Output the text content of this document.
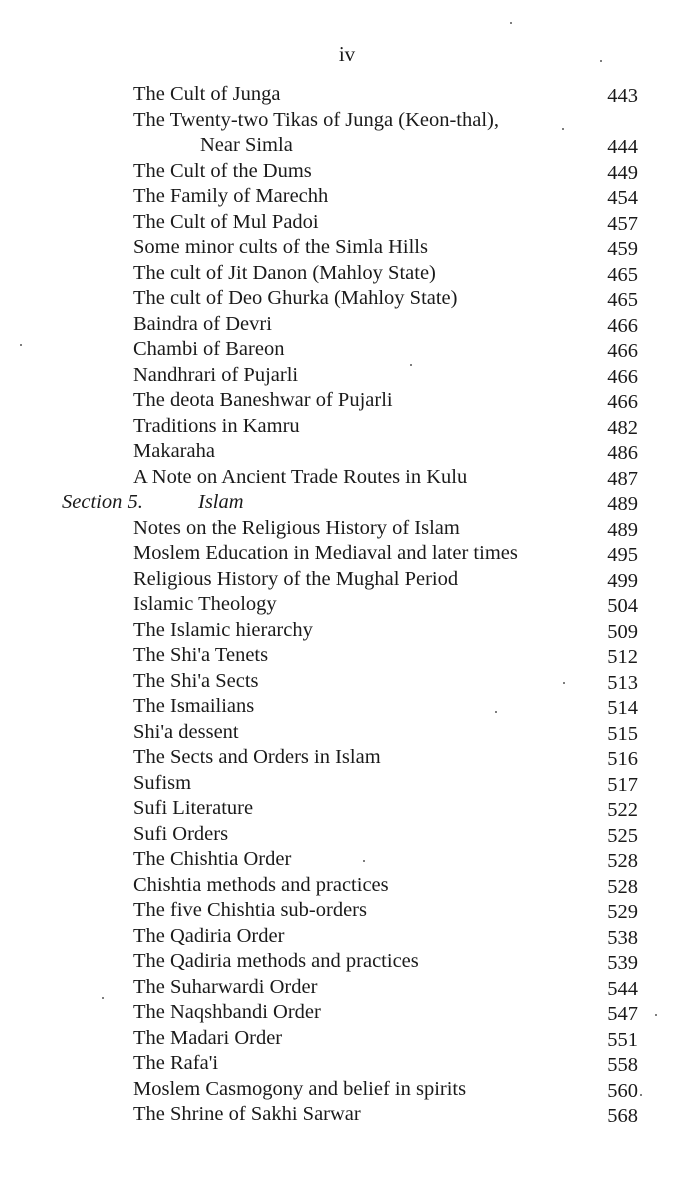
iv
The Cult of Junga	443
The Twenty-two Tikas of Junga (Keon-thal),
Near Simla	444
The Cult of the Dums	449
The Family of Marechh	454
The Cult of Mul Padoi	457
Some minor cults of the Simla Hills	459
The cult of Jit Danon (Mahloy State)	465
The cult of Deo Ghurka (Mahloy State)	465
Baindra of Devri	466
Chambi of Bareon	466
Nandhrari of Pujarli	466
The deota Baneshwar of Pujarli	466
Traditions in Kamru	482
Makaraha	486
A Note on Ancient Trade Routes in Kulu	487
Section 5.	Islam	489
Notes on the Religious History of Islam	489
Moslem Education in Mediaval and later times	495
Religious History of the Mughal Period	499
Islamic Theology	504
The Islamic hierarchy	509
The Shi'a Tenets	512
The Shi'a Sects	513
The Ismailians	514
Shi'a dessent	515
The Sects and Orders in Islam	516
Sufism	517
Sufi Literature	522
Sufi Orders	525
The Chishtia Order	528
Chishtia methods and practices	528
The five Chishtia sub-orders	529
The Qadiria Order	538
The Qadiria methods and practices	539
The Suharwardi Order	544
The Naqshbandi Order	547
The Madari Order	551
The Rafa'i	558
Moslem Casmogony and belief in spirits	560
The Shrine of Sakhi Sarwar	568
